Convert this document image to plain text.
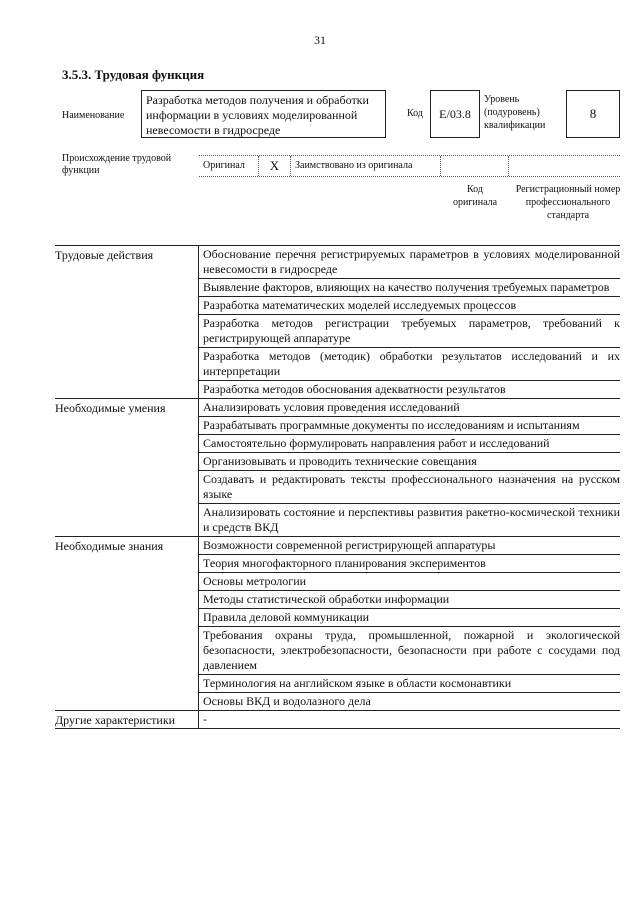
31
3.5.3. Трудовая функция
Наименование
Разработка методов получения и обработки информации в условиях моделированной невесомости в гидросреде
Код	E/03.8
Уровень (подуровень) квалификации
8
Происхождение трудовой функции	Оригинал	X	Заимствовано из оригинала
Код оригинала
Регистрационный номер профессионального стандарта
Трудовые действия	Обоснование перечня регистрируемых параметров в условиях моделированной невесомости в гидросреде
	Выявление факторов, влияющих на качество получения требуемых параметров
	Разработка математических моделей исследуемых процессов
	Разработка методов регистрации требуемых параметров, требований к регистрирующей аппаратуре
	Разработка методов (методик) обработки результатов исследований и их интерпретации
	Разработка методов обоснования адекватности результатов
Необходимые умения	Анализировать условия проведения исследований
	Разрабатывать программные документы по исследованиям и испытаниям
	Самостоятельно формулировать направления работ и исследований
	Организовывать и проводить технические совещания
	Создавать и редактировать тексты профессионального назначения на русском языке
	Анализировать состояние и перспективы развития ракетно-космической техники и средств ВКД
Необходимые знания	Возможности современной регистрирующей аппаратуры
	Теория многофакторного планирования экспериментов
	Основы метрологии
	Методы статистической обработки информации
	Правила деловой коммуникации
	Требования охраны труда, промышленной, пожарной и экологической безопасности, электробезопасности, безопасности при работе с сосудами под давлением
	Терминология на английском языке в области космонавтики
	Основы ВКД и водолазного дела
Другие характеристики	-
